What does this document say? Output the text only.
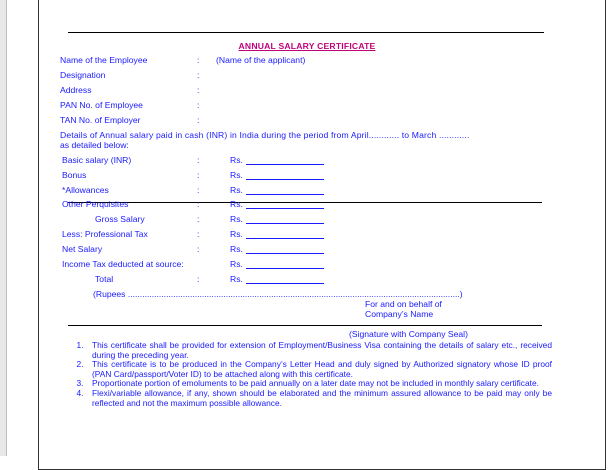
ANNUAL SALARY CERTIFICATE
Name of the Employee	: (Name of the applicant)
Designation	:
Address	:
PAN No. of Employee	:
TAN No. of Employer	:
Details of Annual salary paid in cash (INR) in India during the period from April............ to March ............
as detailed below:
Basic salary (INR)	:	Rs.
Bonus	:	Rs.
*Allowances	:	Rs.
Other Perquisites	:	Rs.
Gross Salary	:	Rs.
Less: Professional Tax	:	Rs.
Net Salary	:	Rs.
Income Tax deducted at source:	Rs.
Total	:	Rs.
(Rupees ...........................................................................................................................................)
For and on behalf of
Company’s Name
(Signature with Company Seal)
1.	This certificate shall be provided for extension of Employment/Business Visa containing the details of salary etc., received during the preceding year.
2.	This certificate is to be produced in the Company’s Letter Head and duly signed by Authorized signatory whose ID proof (PAN Card/passport/Voter ID) to be attached along with this certificate.
3.	Proportionate portion of emoluments to be paid annually on a later date may not be included in monthly salary certificate.
4.	Flexi/variable allowance, if any, shown should be elaborated and the minimum assured allowance to be paid may only be reflected and not the maximum possible allowance.
